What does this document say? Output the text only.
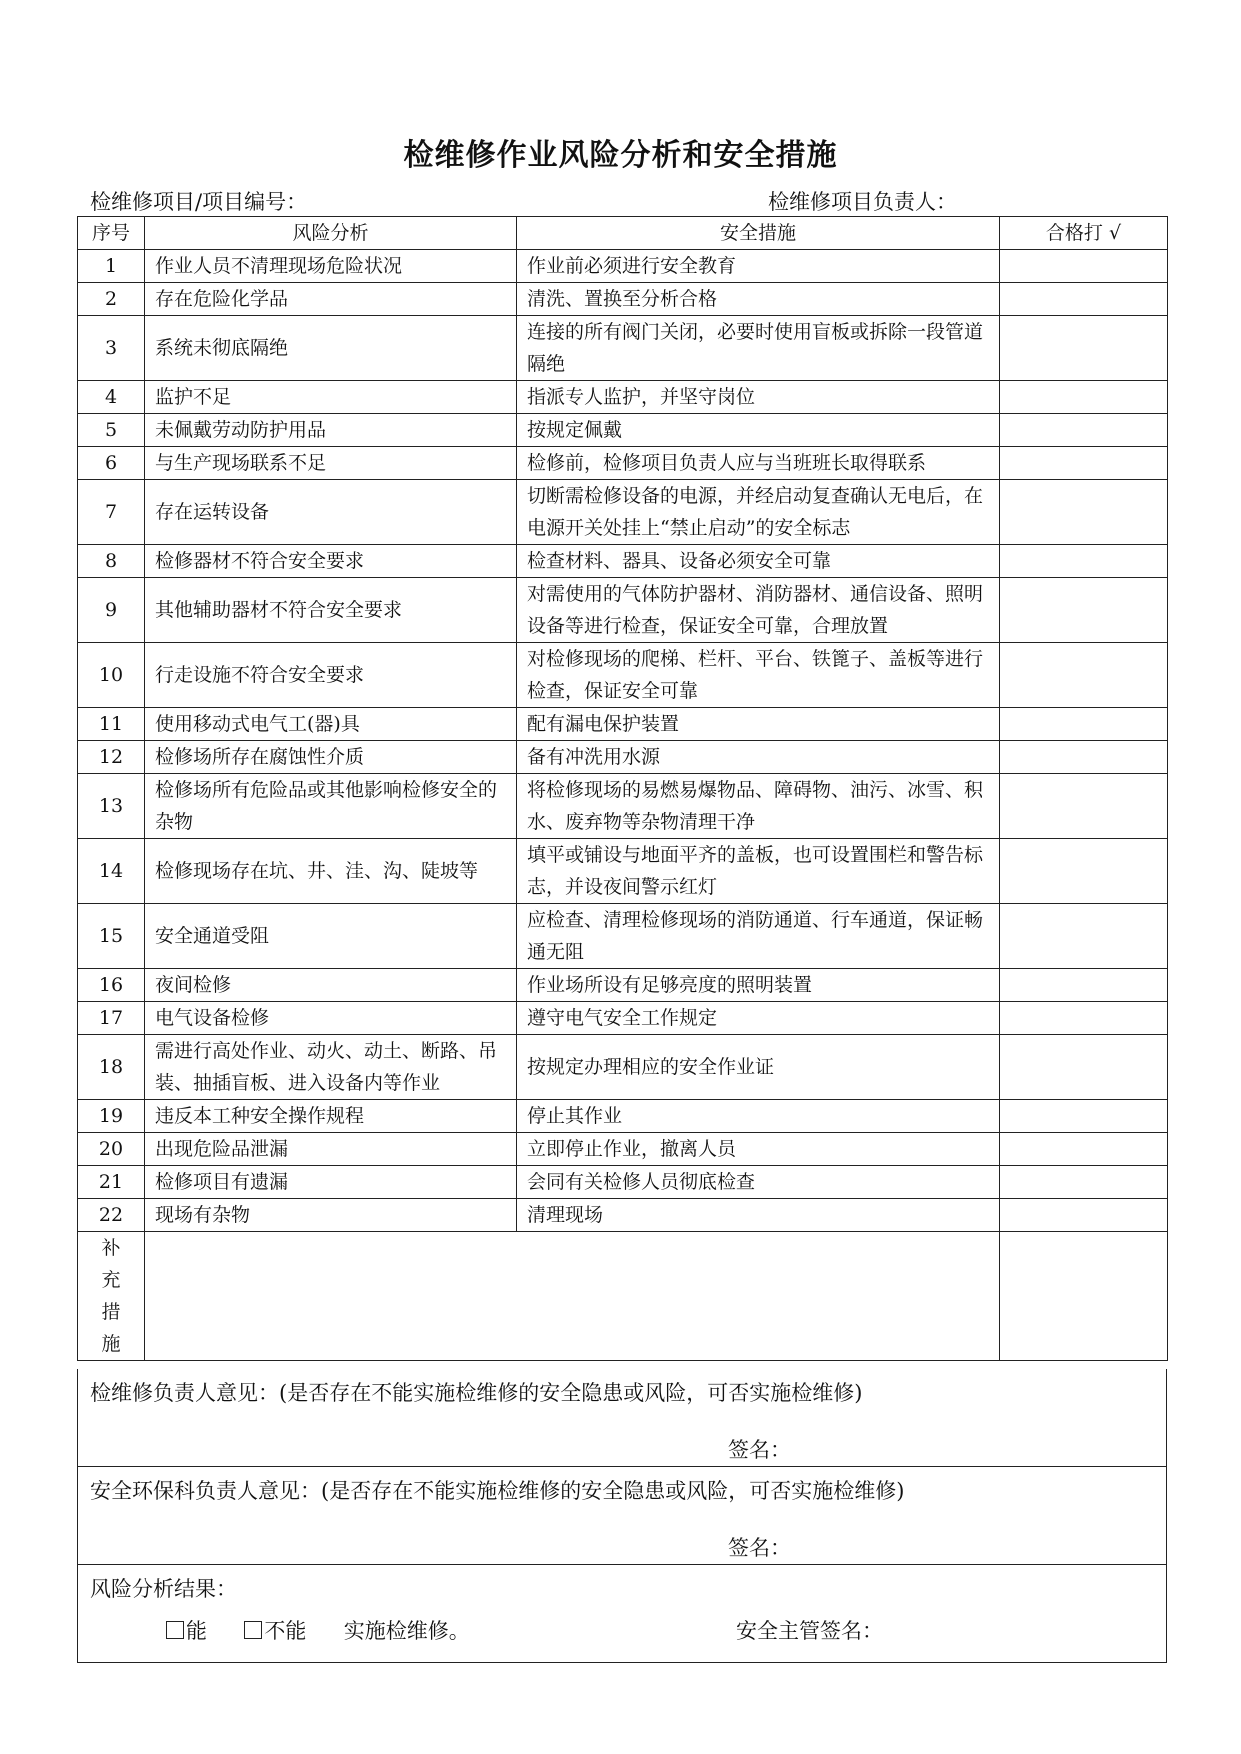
检维修作业风险分析和安全措施
检维修项目/项目编号：	检维修项目负责人：
序号	风险分析	安全措施	合格打 √
1	作业人员不清理现场危险状况	作业前必须进行安全教育	
2	存在危险化学品	清洗、置换至分析合格	
3	系统未彻底隔绝	连接的所有阀门关闭，必要时使用盲板或拆除一段管道隔绝	
4	监护不足	指派专人监护，并坚守岗位	
5	未佩戴劳动防护用品	按规定佩戴	
6	与生产现场联系不足	检修前，检修项目负责人应与当班班长取得联系	
7	存在运转设备	切断需检修设备的电源，并经启动复查确认无电后，在电源开关处挂上“禁止启动”的安全标志	
8	检修器材不符合安全要求	检查材料、器具、设备必须安全可靠	
9	其他辅助器材不符合安全要求	对需使用的气体防护器材、消防器材、通信设备、照明设备等进行检查，保证安全可靠，合理放置	
10	行走设施不符合安全要求	对检修现场的爬梯、栏杆、平台、铁篦子、盖板等进行检查，保证安全可靠	
11	使用移动式电气工(器)具	配有漏电保护装置	
12	检修场所存在腐蚀性介质	备有冲洗用水源	
13	检修场所有危险品或其他影响检修安全的杂物	将检修现场的易燃易爆物品、障碍物、油污、冰雪、积水、废弃物等杂物清理干净	
14	检修现场存在坑、井、洼、沟、陡坡等	填平或铺设与地面平齐的盖板，也可设置围栏和警告标志，并设夜间警示红灯	
15	安全通道受阻	应检查、清理检修现场的消防通道、行车通道，保证畅通无阻	
16	夜间检修	作业场所设有足够亮度的照明装置	
17	电气设备检修	遵守电气安全工作规定	
18	需进行高处作业、动火、动土、断路、吊装、抽插盲板、进入设备内等作业	按规定办理相应的安全作业证	
19	违反本工种安全操作规程	停止其作业	
20	出现危险品泄漏	立即停止作业，撤离人员	
21	检修项目有遗漏	会同有关检修人员彻底检查	
22	现场有杂物	清理现场	

补
充
措
施			

检维修负责人意见：(是否存在不能实施检维修的安全隐患或风险，可否实施检维修)
签名：
安全环保科负责人意见：(是否存在不能实施检维修的安全隐患或风险，可否实施检维修)
签名：
风险分析结果：
能	不能 实施检维修。	安全主管签名：
